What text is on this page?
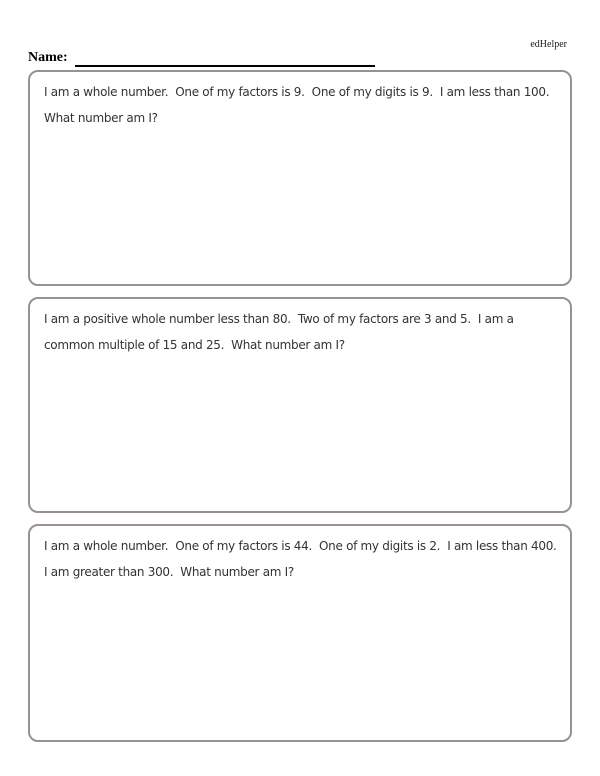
edHelper
Name:
I am a whole number.  One of my factors is 9.  One of my digits is 9.  I am less than 100.
What number am I?
I am a positive whole number less than 80.  Two of my factors are 3 and 5.  I am a
common multiple of 15 and 25.  What number am I?
I am a whole number.  One of my factors is 44.  One of my digits is 2.  I am less than 400.
I am greater than 300.  What number am I?
